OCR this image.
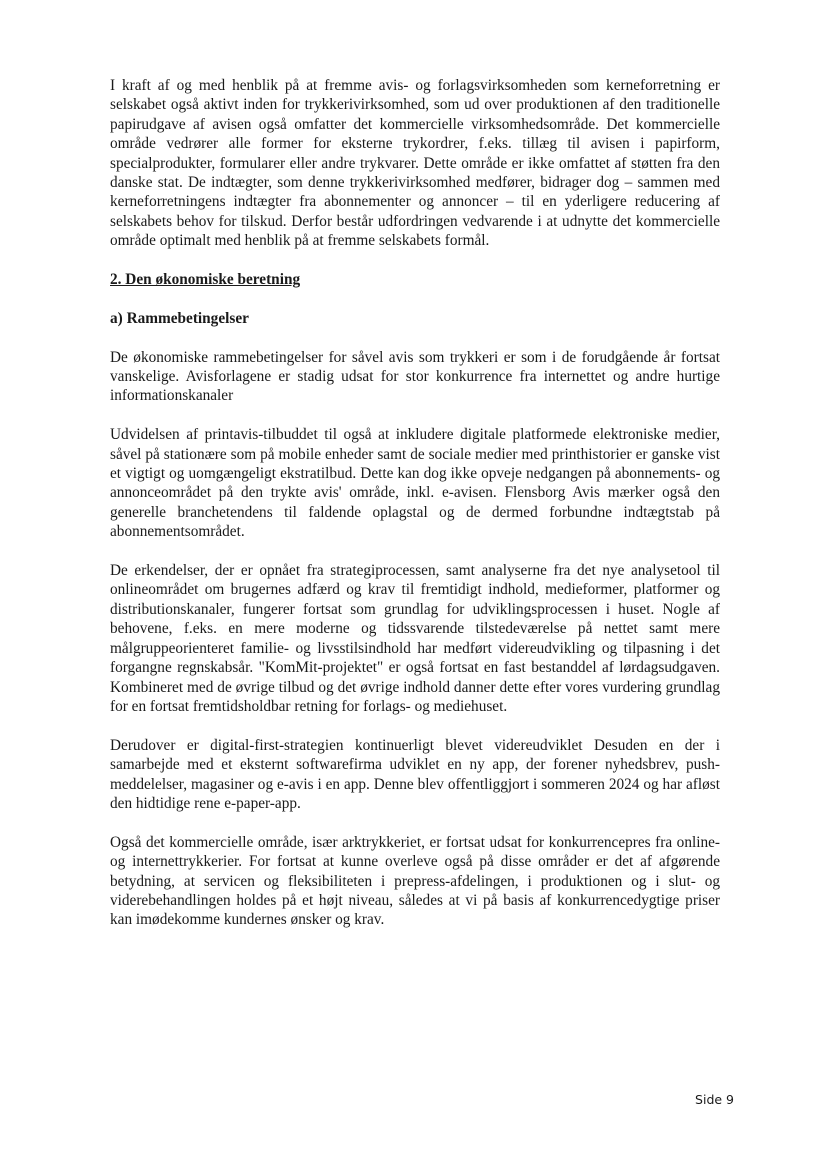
I kraft af og med henblik på at fremme avis- og forlagsvirksomheden som kerneforretning er selskabet også aktivt inden for trykkerivirksomhed, som ud over produktionen af den traditionelle papirudgave af avisen også omfatter det kommercielle virksomhedsområde. Det kommercielle område vedrører alle former for eksterne trykordrer, f.eks. tillæg til avisen i papirform, specialprodukter, formularer eller andre trykvarer. Dette område er ikke omfattet af støtten fra den danske stat. De indtægter, som denne trykkerivirksomhed medfører, bidrager dog – sammen med kerneforretningens indtægter fra abonnementer og annoncer – til en yderligere reducering af selskabets behov for tilskud. Derfor består udfordringen vedvarende i at udnytte det kommercielle område optimalt med henblik på at fremme selskabets formål.

2. Den økonomiske beretning

a) Rammebetingelser

De økonomiske rammebetingelser for såvel avis som trykkeri er som i de forudgående år fortsat vanskelige. Avisforlagene er stadig udsat for stor konkurrence fra internettet og andre hurtige informationskanaler

Udvidelsen af printavis-tilbuddet til også at inkludere digitale platformede elektroniske medier, såvel på stationære som på mobile enheder samt de sociale medier med printhistorier er ganske vist et vigtigt og uomgængeligt ekstratilbud. Dette kan dog ikke opveje nedgangen på abonnements- og annonceområdet på den trykte avis' område, inkl. e-avisen. Flensborg Avis mærker også den generelle branchetendens til faldende oplagstal og de dermed forbundne indtægtstab på abonnementsområdet.

De erkendelser, der er opnået fra strategiprocessen, samt analyserne fra det nye analysetool til onlineområdet om brugernes adfærd og krav til fremtidigt indhold, medieformer, platformer og distributionskanaler, fungerer fortsat som grundlag for udviklingsprocessen i huset. Nogle af behovene, f.eks. en mere moderne og tidssvarende tilstedeværelse på nettet samt mere målgruppeorienteret familie- og livsstilsindhold har medført videreudvikling og tilpasning i det forgangne regnskabsår. "KomMit-projektet" er også fortsat en fast bestanddel af lørdagsudgaven. Kombineret med de øvrige tilbud og det øvrige indhold danner dette efter vores vurdering grundlag for en fortsat fremtidsholdbar retning for forlags- og mediehuset.

Derudover er digital-first-strategien kontinuerligt blevet videreudviklet Desuden en der i samarbejde med et eksternt softwarefirma udviklet en ny app, der forener nyhedsbrev, push-meddelelser, magasiner og e-avis i en app. Denne blev offentliggjort i sommeren 2024 og har afløst den hidtidige rene e-paper-app.

Også det kommercielle område, især arktrykkeriet, er fortsat udsat for konkurrencepres fra online- og internettrykkerier. For fortsat at kunne overleve også på disse områder er det af afgørende betydning, at servicen og fleksibiliteten i prepress-afdelingen, i produktionen og i slut- og viderebehandlingen holdes på et højt niveau, således at vi på basis af konkurrencedygtige priser kan imødekomme kundernes ønsker og krav.

Side 9
